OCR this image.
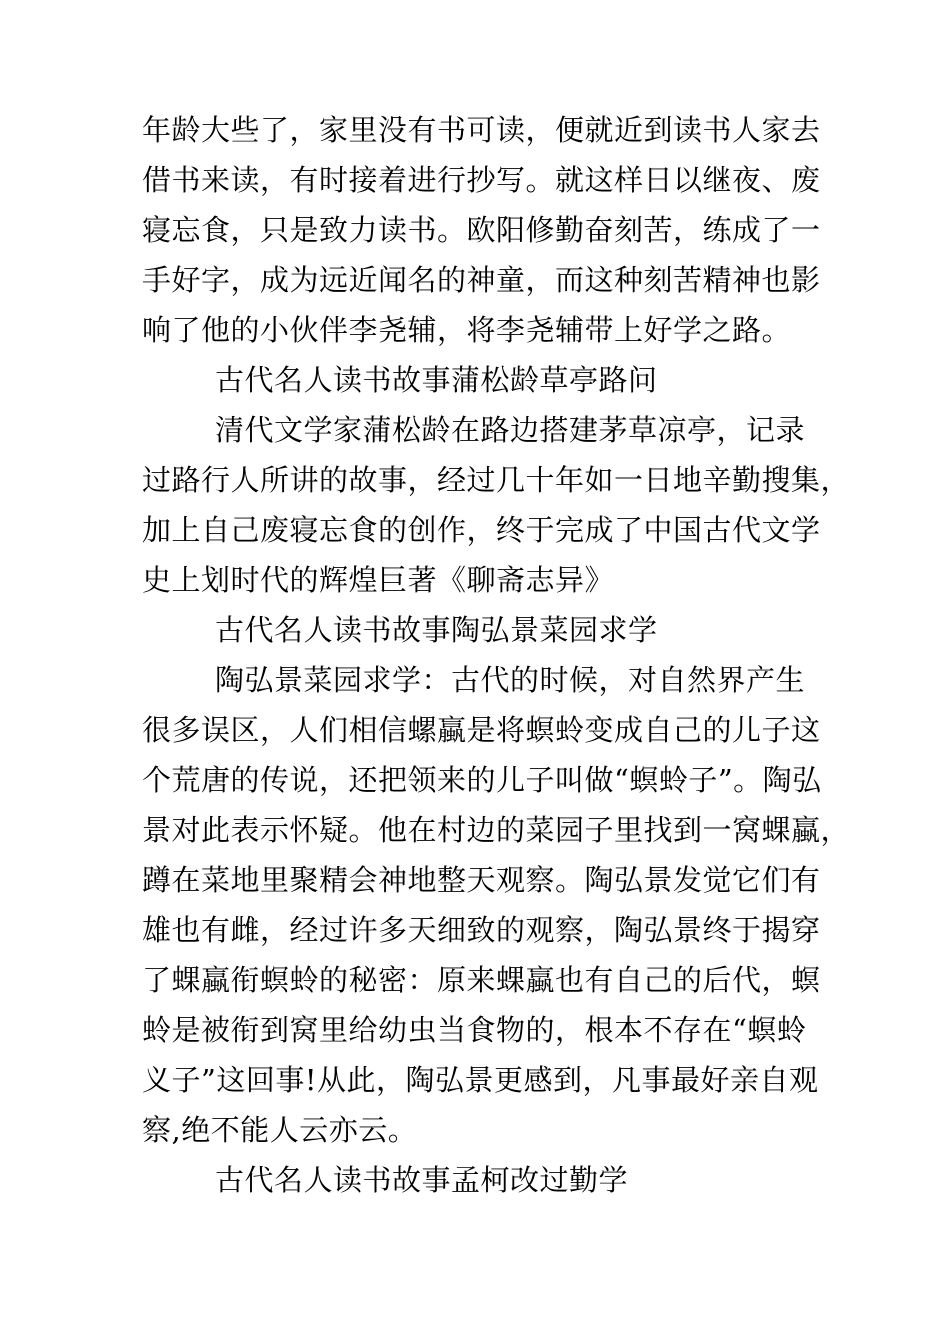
年龄大些了，家里没有书可读，便就近到读书人家去
借书来读，有时接着进行抄写。就这样日以继夜、废
寝忘食，只是致力读书。欧阳修勤奋刻苦，练成了一
手好字，成为远近闻名的神童，而这种刻苦精神也影
响了他的小伙伴李尧辅，将李尧辅带上好学之路。
古代名人读书故事蒲松龄草亭路问
清代文学家蒲松龄在路边搭建茅草凉亭，记录
过路行人所讲的故事，经过几十年如一日地辛勤搜集，
加上自己废寝忘食的创作，终于完成了中国古代文学
史上划时代的辉煌巨著《聊斋志异》
古代名人读书故事陶弘景菜园求学
陶弘景菜园求学：古代的时候，对自然界产生
很多误区，人们相信螺蠃是将螟蛉变成自己的儿子这
个荒唐的传说，还把领来的儿子叫做“螟蛉子”。陶弘
景对此表示怀疑。他在村边的菜园子里找到一窝蜾蠃，
蹲在菜地里聚精会神地整天观察。陶弘景发觉它们有
雄也有雌，经过许多天细致的观察，陶弘景终于揭穿
了蜾蠃衔螟蛉的秘密：原来蜾蠃也有自己的后代，螟
蛉是被衔到窝里给幼虫当食物的，根本不存在“螟蛉
义子”这回事!从此，陶弘景更感到，凡事最好亲自观
察,绝不能人云亦云。
古代名人读书故事孟柯改过勤学
